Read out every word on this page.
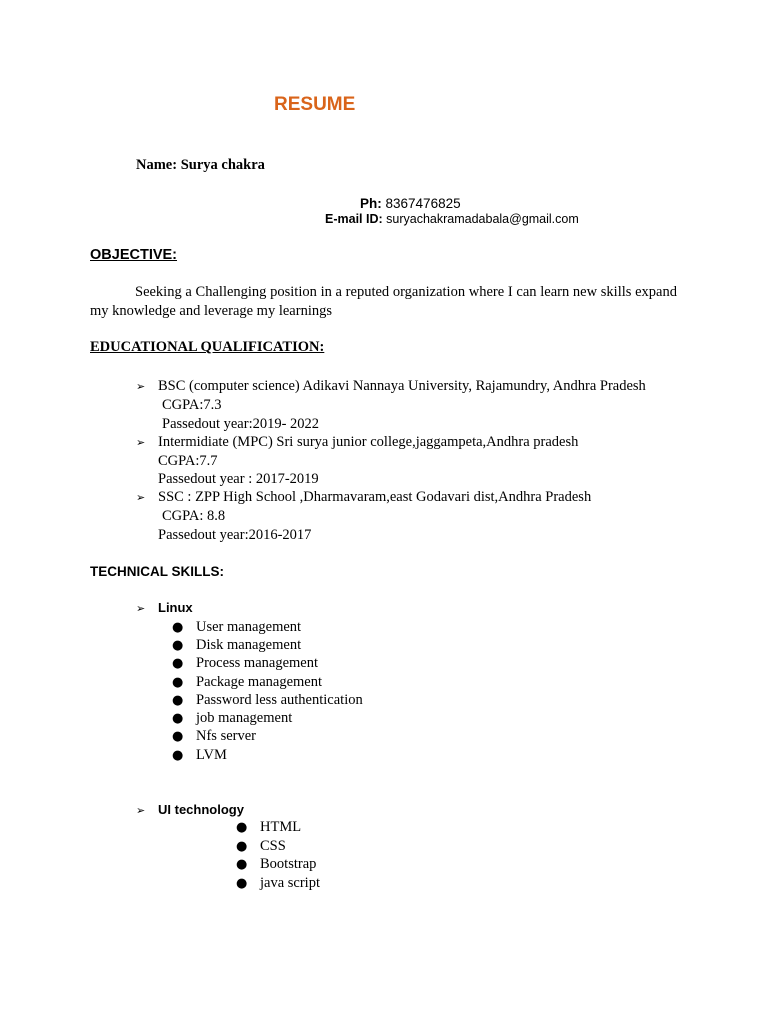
RESUME
Name: Surya chakra
Ph: 8367476825
E-mail ID: suryachakramadabala@gmail.com
OBJECTIVE:
Seeking a Challenging position in a reputed organization where I can learn new skills expand my knowledge and leverage my learnings
EDUCATIONAL QUALIFICATION:
➢ BSC (computer science) Adikavi Nannaya University, Rajamundry, Andhra Pradesh
CGPA:7.3
Passedout year:2019- 2022
➢ Intermidiate (MPC) Sri surya junior college,jaggampeta,Andhra pradesh
CGPA:7.7
Passedout year : 2017-2019
➢ SSC : ZPP High School ,Dharmavaram,east Godavari dist,Andhra Pradesh
CGPA: 8.8
Passedout year:2016-2017
TECHNICAL SKILLS:
➢ Linux
● User management
● Disk management
● Process management
● Package management
● Password less authentication
● job management
● Nfs server
● LVM
➢ UI technology
● HTML
● CSS
● Bootstrap
● java script
